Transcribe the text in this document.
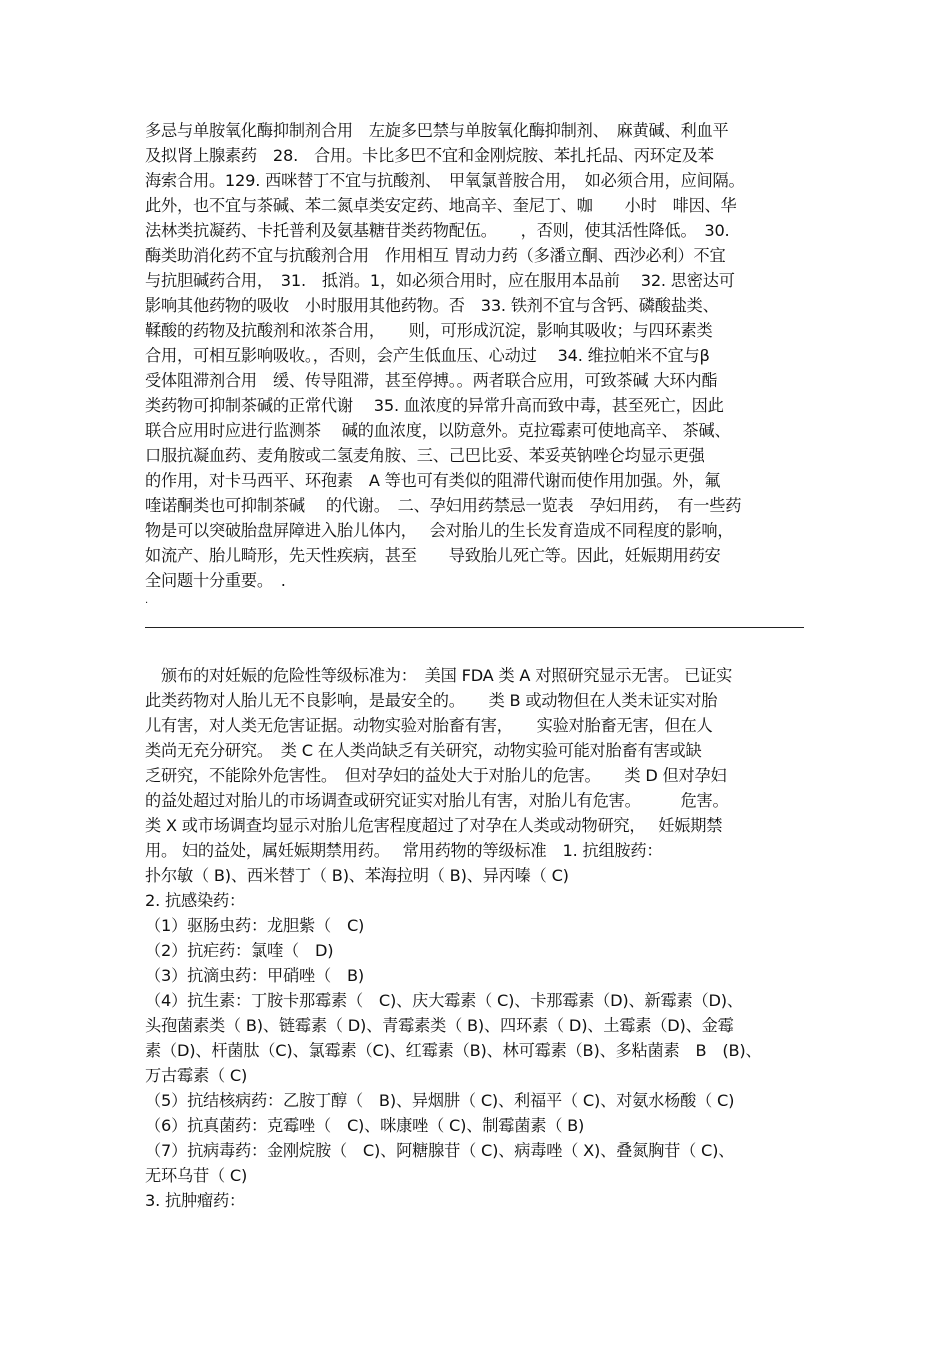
多忌与单胺氧化酶抑制剂合用　左旋多巴禁与单胺氧化酶抑制剂、　麻黄碱、利血平
及拟肾上腺素药　28.　合用。卡比多巴不宜和金刚烷胺、苯扎托品、丙环定及苯
海索合用。129. 西咪替丁不宜与抗酸剂、　甲氧氯普胺合用，　如必须合用，应间隔。
此外，也不宜与茶碱、苯二氮卓类安定药、地高辛、奎尼丁、咖　　小时　啡因、华
法林类抗凝药、卡托普利及氨基糖苷类药物配伍。　　，否则，使其活性降低。　30.
酶类助消化药不宜与抗酸剂合用　作用相互 胃动力药（多潘立酮、西沙必利）不宜
与抗胆碱药合用，　31.　抵消。1，如必须合用时，应在服用本品前　 32. 思密达可
影响其他药物的吸收　小时服用其他药物。否　33. 铁剂不宜与含钙、磷酸盐类、
鞣酸的药物及抗酸剂和浓茶合用，　　则，可形成沉淀，影响其吸收；与四环素类
合用，可相互影响吸收。，否则，会产生低血压、心动过　 34. 维拉帕米不宜与β
受体阻滞剂合用　缓、传导阻滞，甚至停搏。。两者联合应用，可致茶碱 大环内酯
类药物可抑制茶碱的正常代谢　 35. 血浓度的异常升高而致中毒，甚至死亡，因此
联合应用时应进行监测茶　 碱的血浓度，以防意外。克拉霉素可使地高辛、 茶碱、
口服抗凝血药、麦角胺或二氢麦角胺、三、己巴比妥、苯妥英钠唑仑均显示更强
的作用，对卡马西平、环孢素　A 等也可有类似的阻滞代谢而使作用加强。外，氟
喹诺酮类也可抑制茶碱　 的代谢。　二、孕妇用药禁忌一览表　孕妇用药，　有一些药
物是可以突破胎盘屏障进入胎儿体内，　 会对胎儿的生长发育造成不同程度的影响，
如流产、胎儿畸形，先天性疾病，甚至　　导致胎儿死亡等。因此，妊娠期用药安
全问题十分重要。　.
.
　颁布的对妊娠的危险性等级标准为：　美国 FDA 类 A 对照研究显示无害。 已证实
此类药物对人胎儿无不良影响，是最安全的。　　类 B 或动物但在人类未证实对胎
儿有害，对人类无危害证据。动物实验对胎畜有害，　　实验对胎畜无害，但在人
类尚无充分研究。　类 C 在人类尚缺乏有关研究，动物实验可能对胎畜有害或缺
乏研究，不能除外危害性。　但对孕妇的益处大于对胎儿的危害。　　类 D 但对孕妇
的益处超过对胎儿的市场调查或研究证实对胎儿有害，对胎儿有危害。　　　危害。
类 X 或市场调查均显示对胎儿危害程度超过了对孕在人类或动物研究，　 妊娠期禁
用。 妇的益处，属妊娠期禁用药。　 常用药物的等级标准　1. 抗组胺药：
扑尔敏（ B)、西米替丁（ B)、苯海拉明（ B)、异丙嗪（ C)
2. 抗感染药：
（1）驱肠虫药：龙胆紫（　C)
（2）抗疟药：氯喹（　D)
（3）抗滴虫药：甲硝唑（　B)
（4）抗生素：丁胺卡那霉素（　C)、庆大霉素（ C)、卡那霉素（D)、新霉素（D)、
头孢菌素类（ B)、链霉素（ D)、青霉素类（ B)、四环素（ D)、土霉素（D)、金霉
素（D)、杆菌肽（C)、氯霉素（C)、红霉素（B)、林可霉素（B)、多粘菌素　B　(B)、
万古霉素（ C)
（5）抗结核病药：乙胺丁醇（　B)、异烟肼（ C)、利福平（ C)、对氨水杨酸（ C)
（6）抗真菌药：克霉唑（　C)、咪康唑（ C)、制霉菌素（ B)
（7）抗病毒药：金刚烷胺（　C)、阿糖腺苷（ C)、病毒唑（ X)、叠氮胸苷（ C)、
无环乌苷（ C)
3. 抗肿瘤药：
